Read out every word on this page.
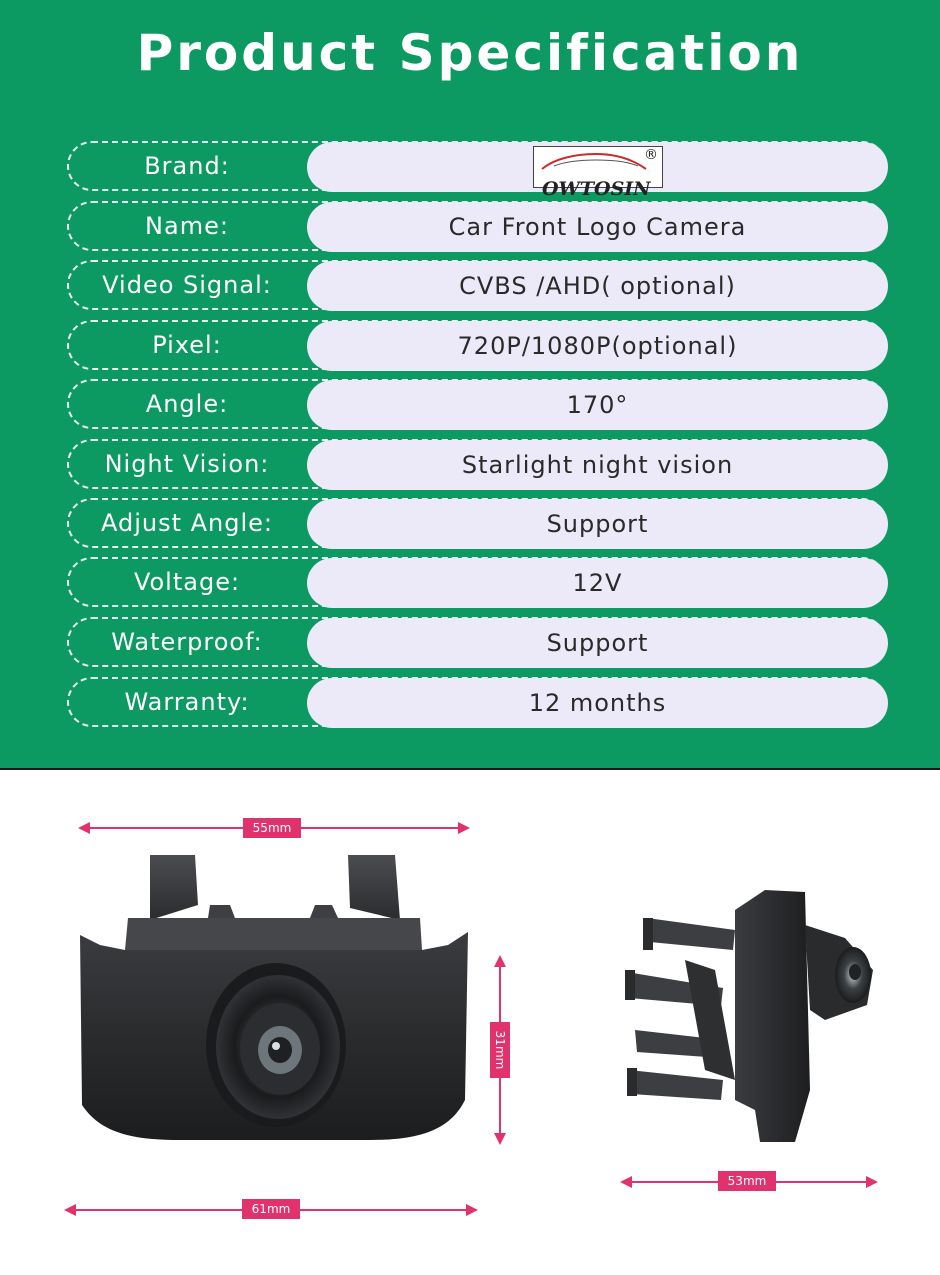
Product Specification
Brand:
OWTOSIN
®
Name:	Car Front Logo Camera
Video Signal:	CVBS /AHD( optional)
Pixel:	720P/1080P(optional)
Angle:	170°
Night Vision:	Starlight night vision
Adjust Angle:	Support
Voltage:	12V
Waterproof:	Support
Warranty:	12 months
55mm
31mm
61mm
53mm
